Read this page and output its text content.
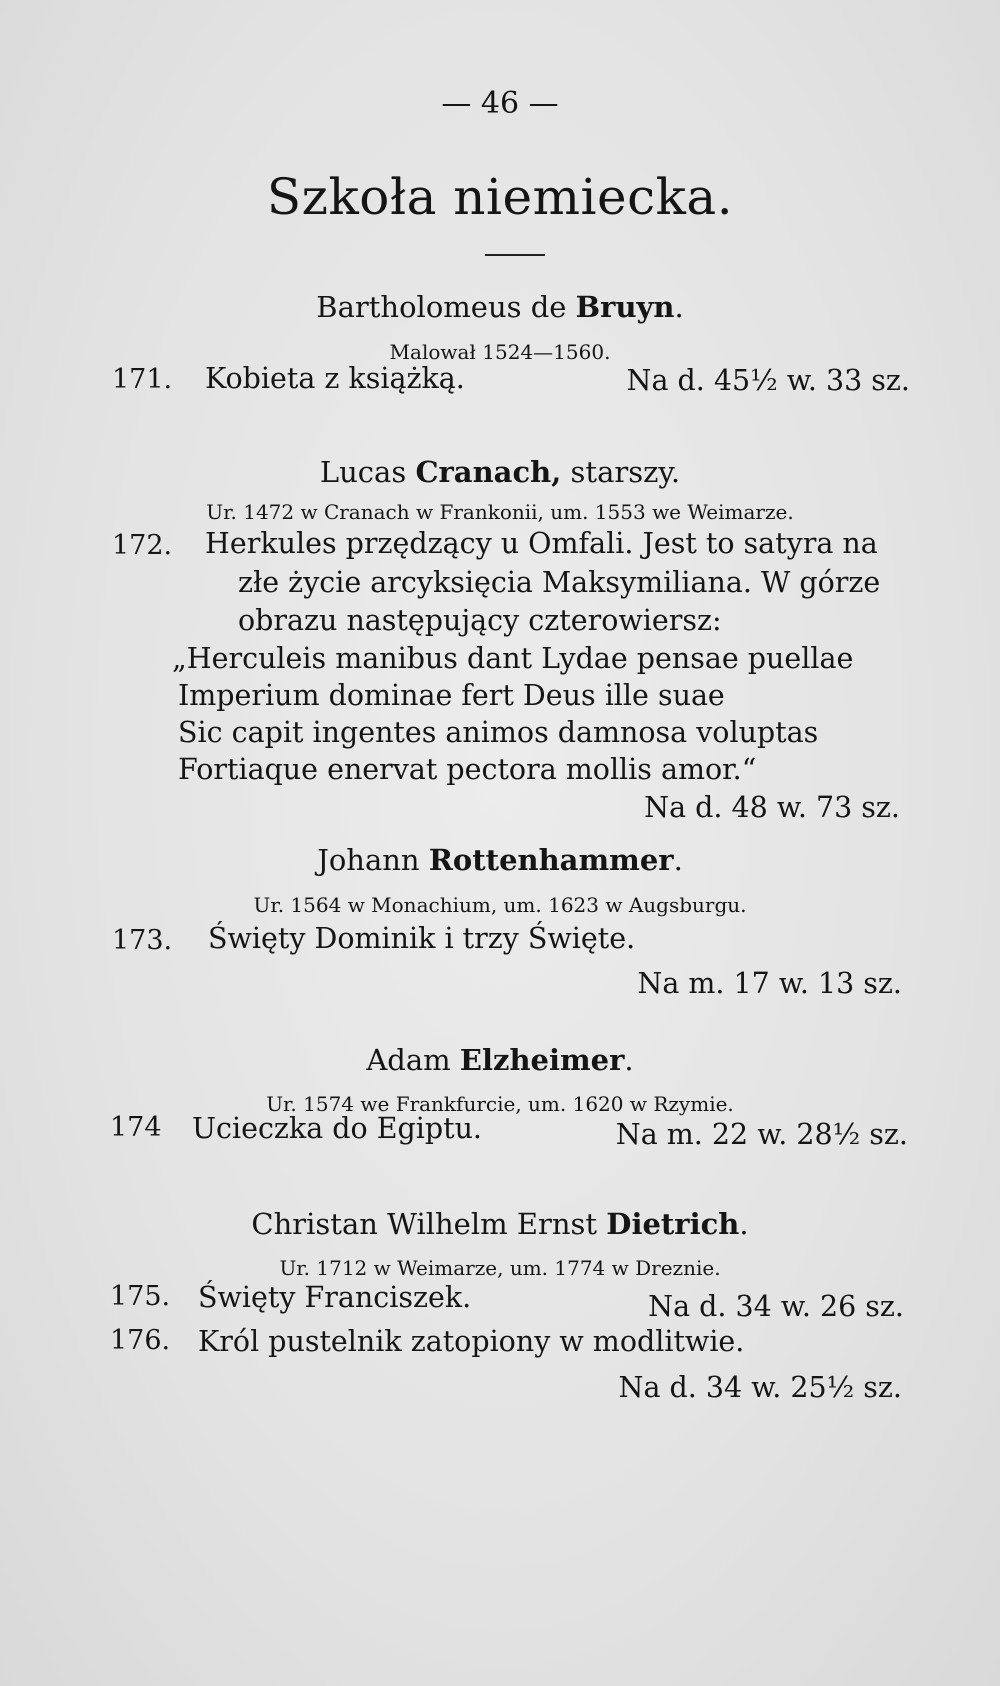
— 46 —
Szkoła niemiecka.
Bartholomeus de Bruyn.
Malował 1524—1560.
171. Kobieta z książką.	Na d. 45½ w. 33 sz.
Lucas Cranach, starszy.
Ur. 1472 w Cranach w Frankonii, um. 1553 we Weimarze.
172. Herkules przędzący u Omfali. Jest to satyra na
złe życie arcyksięcia Maksymiliana. W górze
obrazu następujący czterowiersz:
„Herculeis manibus dant Lydae pensae puellae
Imperium dominae fert Deus ille suae
Sic capit ingentes animos damnosa voluptas
Fortiaque enervat pectora mollis amor.“
Na d. 48 w. 73 sz.
Johann Rottenhammer.
Ur. 1564 w Monachium, um. 1623 w Augsburgu.
173. Święty Dominik i trzy Święte.
Na m. 17 w. 13 sz.
Adam Elzheimer.
Ur. 1574 we Frankfurcie, um. 1620 w Rzymie.
174 Ucieczka do Egiptu.	Na m. 22 w. 28½ sz.
Christan Wilhelm Ernst Dietrich.
Ur. 1712 w Weimarze, um. 1774 w Dreznie.
175. Święty Franciszek.	Na d. 34 w. 26 sz.
176. Król pustelnik zatopiony w modlitwie.
Na d. 34 w. 25½ sz.
